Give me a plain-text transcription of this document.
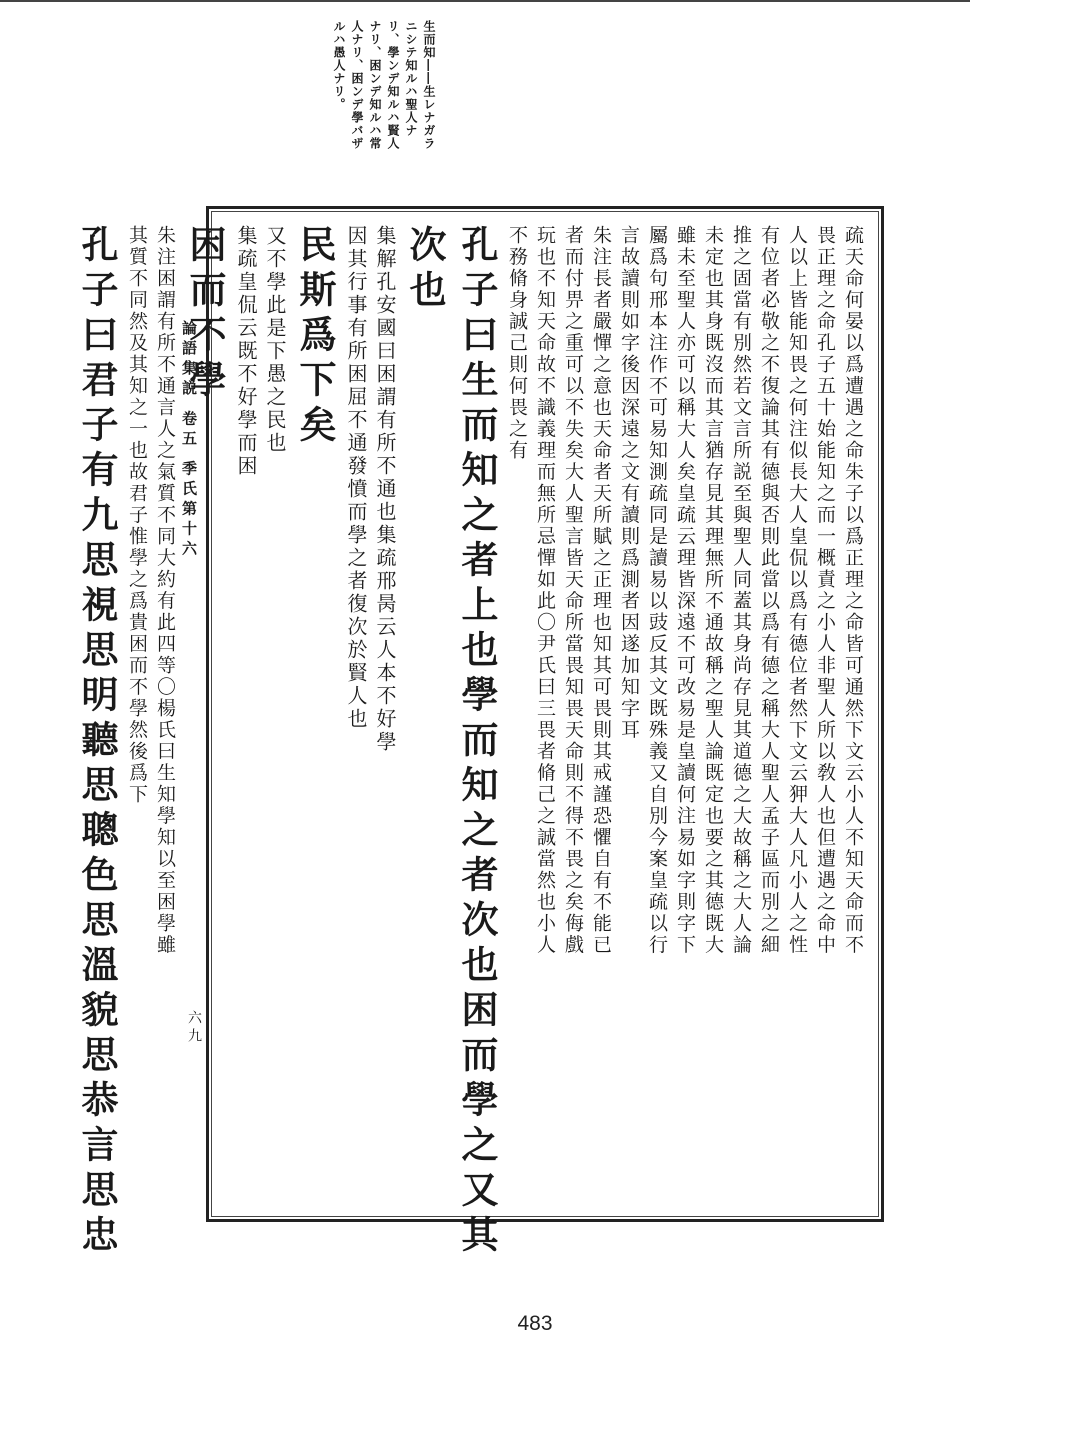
生而知――生レナガラ
ニシテ知ルハ聖人ナ
リ、學ンデ知ルハ賢人
ナリ、困ンデ知ルハ常
人ナリ、困ンデ學バザ
ルハ愚人ナリ。
論語集説 卷五 季氏第十六
六九
疏天命何晏以爲遭遇之命朱子以爲正理之命皆可通然下文云小人不知天命而不
畏正理之命孔子五十始能知之而一概責之小人非聖人所以敎人也但遭遇之命中
人以上皆能知畏之何注似長大人皇侃以爲有德位者然下文云狎大人凡小人之性
有位者必敬之不復論其有德與否則此當以爲有德之稱大人聖人孟子區而別之細
推之固當有別然若文言所説至與聖人同蓋其身尚存見其道德之大故稱之大人論
未定也其身既沒而其言猶存見其理無所不通故稱之聖人論既定也要之其德既大
雖未至聖人亦可以稱大人矣皇疏云理皆深遠不可改易是皇讀何注易如字則字下
屬爲句邢本注作不可易知測疏同是讀易以豉反其文既殊義又自別今案皇疏以行
言故讀則如字後因深遠之文有讀則爲測者因遂加知字耳
朱注長者嚴憚之意也天命者天所賦之正理也知其可畏則其戒謹恐懼自有不能已
者而付畀之重可以不失矣大人聖言皆天命所當畏知畏天命則不得不畏之矣侮戲
玩也不知天命故不識義理而無所忌憚如此〇尹氏曰三畏者脩己之誠當然也小人
不務脩身誠己則何畏之有
孔子曰生而知之者上也學而知之者次也困而學之又其
次也
集解孔安國曰困謂有所不通也集疏邢昺云人本不好學
因其行事有所困屈不通發憤而學之者復次於賢人也
民斯爲下矣
又不學此是下愚之民也
集疏皇侃云既不好學而困
困而不學
朱注困謂有所不通言人之氣質不同大約有此四等〇楊氏曰生知學知以至困學雖
其質不同然及其知之一也故君子惟學之爲貴困而不學然後爲下
孔子曰君子有九思視思明聽思聰色思溫貌思恭言思忠
483
